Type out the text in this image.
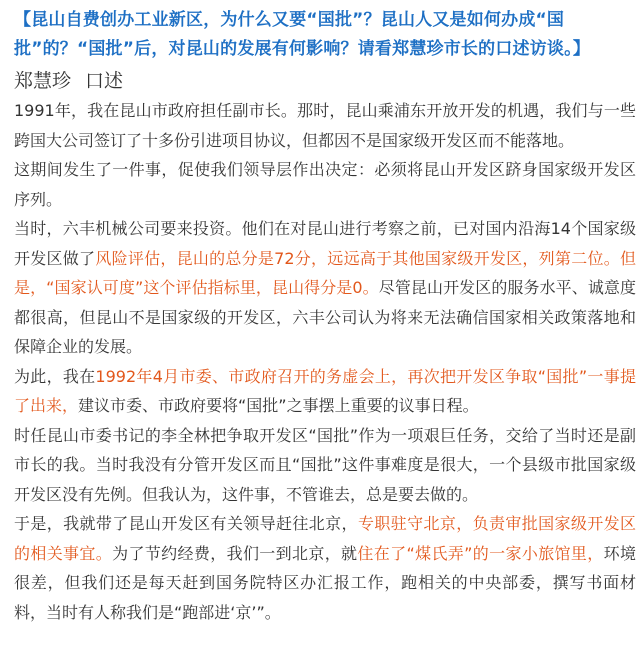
【昆山自费创办工业新区，为什么又要“国批”？昆山人又是如何办成“国批”的？“国批”后，对昆山的发展有何影响？请看郑慧珍市长的口述访谈。】

郑慧珍 口述

1991年，我在昆山市政府担任副市长。那时，昆山乘浦东开放开发的机遇，我们与一些跨国大公司签订了十多份引进项目协议，但都因不是国家级开发区而不能落地。

这期间发生了一件事，促使我们领导层作出决定：必须将昆山开发区跻身国家级开发区序列。

当时，六丰机械公司要来投资。他们在对昆山进行考察之前，已对国内沿海14个国家级开发区做了风险评估，昆山的总分是72分，远远高于其他国家级开发区，列第二位。但是，“国家认可度”这个评估指标里，昆山得分是0。尽管昆山开发区的服务水平、诚意度都很高，但昆山不是国家级的开发区，六丰公司认为将来无法确信国家相关政策落地和保障企业的发展。

为此，我在1992年4月市委、市政府召开的务虚会上，再次把开发区争取“国批”一事提了出来，建议市委、市政府要将“国批”之事摆上重要的议事日程。

时任昆山市委书记的李全林把争取开发区“国批”作为一项艰巨任务，交给了当时还是副市长的我。当时我没有分管开发区而且“国批”这件事难度是很大，一个县级市批国家级开发区没有先例。但我认为，这件事，不管谁去，总是要去做的。

于是，我就带了昆山开发区有关领导赶往北京，专职驻守北京，负责审批国家级开发区的相关事宜。为了节约经费，我们一到北京，就住在了“煤氏弄”的一家小旅馆里，环境很差，但我们还是每天赶到国务院特区办汇报工作，跑相关的中央部委，撰写书面材料，当时有人称我们是“跑部进‘京’”。
